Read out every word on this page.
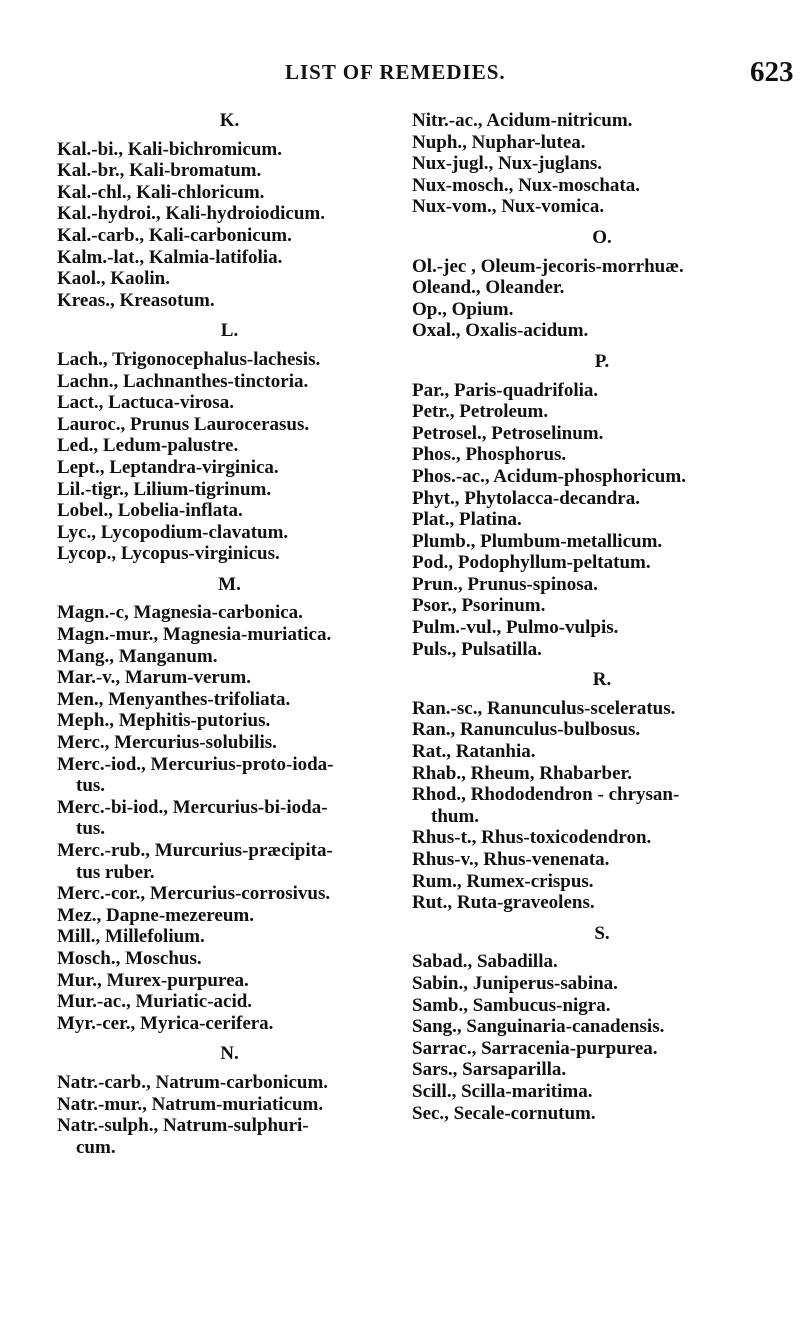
LIST OF REMEDIES.	623
K.
Kal.-bi., Kali-bichromicum.
Kal.-br., Kali-bromatum.
Kal.-chl., Kali-chloricum.
Kal.-hydroi., Kali-hydroiodicum.
Kal.-carb., Kali-carbonicum.
Kalm.-lat., Kalmia-latifolia.
Kaol., Kaolin.
Kreas., Kreasotum.
L.
Lach., Trigonocephalus-lachesis.
Lachn., Lachnanthes-tinctoria.
Lact., Lactuca-virosa.
Lauroc., Prunus Laurocerasus.
Led., Ledum-palustre.
Lept., Leptandra-virginica.
Lil.-tigr., Lilium-tigrinum.
Lobel., Lobelia-inflata.
Lyc., Lycopodium-clavatum.
Lycop., Lycopus-virginicus.
M.
Magn.-c, Magnesia-carbonica.
Magn.-mur., Magnesia-muriatica.
Mang., Manganum.
Mar.-v., Marum-verum.
Men., Menyanthes-trifoliata.
Meph., Mephitis-putorius.
Merc., Mercurius-solubilis.
Merc.-iod., Mercurius-proto-ioda-
tus.
Merc.-bi-iod., Mercurius-bi-ioda-
tus.
Merc.-rub., Murcurius-præcipita-
tus ruber.
Merc.-cor., Mercurius-corrosivus.
Mez., Dapne-mezereum.
Mill., Millefolium.
Mosch., Moschus.
Mur., Murex-purpurea.
Mur.-ac., Muriatic-acid.
Myr.-cer., Myrica-cerifera.
N.
Natr.-carb., Natrum-carbonicum.
Natr.-mur., Natrum-muriaticum.
Natr.-sulph., Natrum-sulphuri-
cum.
Nitr.-ac., Acidum-nitricum.
Nuph., Nuphar-lutea.
Nux-jugl., Nux-juglans.
Nux-mosch., Nux-moschata.
Nux-vom., Nux-vomica.
O.
Ol.-jec , Oleum-jecoris-morrhuæ.
Oleand., Oleander.
Op., Opium.
Oxal., Oxalis-acidum.
P.
Par., Paris-quadrifolia.
Petr., Petroleum.
Petrosel., Petroselinum.
Phos., Phosphorus.
Phos.-ac., Acidum-phosphoricum.
Phyt., Phytolacca-decandra.
Plat., Platina.
Plumb., Plumbum-metallicum.
Pod., Podophyllum-peltatum.
Prun., Prunus-spinosa.
Psor., Psorinum.
Pulm.-vul., Pulmo-vulpis.
Puls., Pulsatilla.
R.
Ran.-sc., Ranunculus-sceleratus.
Ran., Ranunculus-bulbosus.
Rat., Ratanhia.
Rhab., Rheum, Rhabarber.
Rhod., Rhododendron - chrysan-
thum.
Rhus-t., Rhus-toxicodendron.
Rhus-v., Rhus-venenata.
Rum., Rumex-crispus.
Rut., Ruta-graveolens.
S.
Sabad., Sabadilla.
Sabin., Juniperus-sabina.
Samb., Sambucus-nigra.
Sang., Sanguinaria-canadensis.
Sarrac., Sarracenia-purpurea.
Sars., Sarsaparilla.
Scill., Scilla-maritima.
Sec., Secale-cornutum.
